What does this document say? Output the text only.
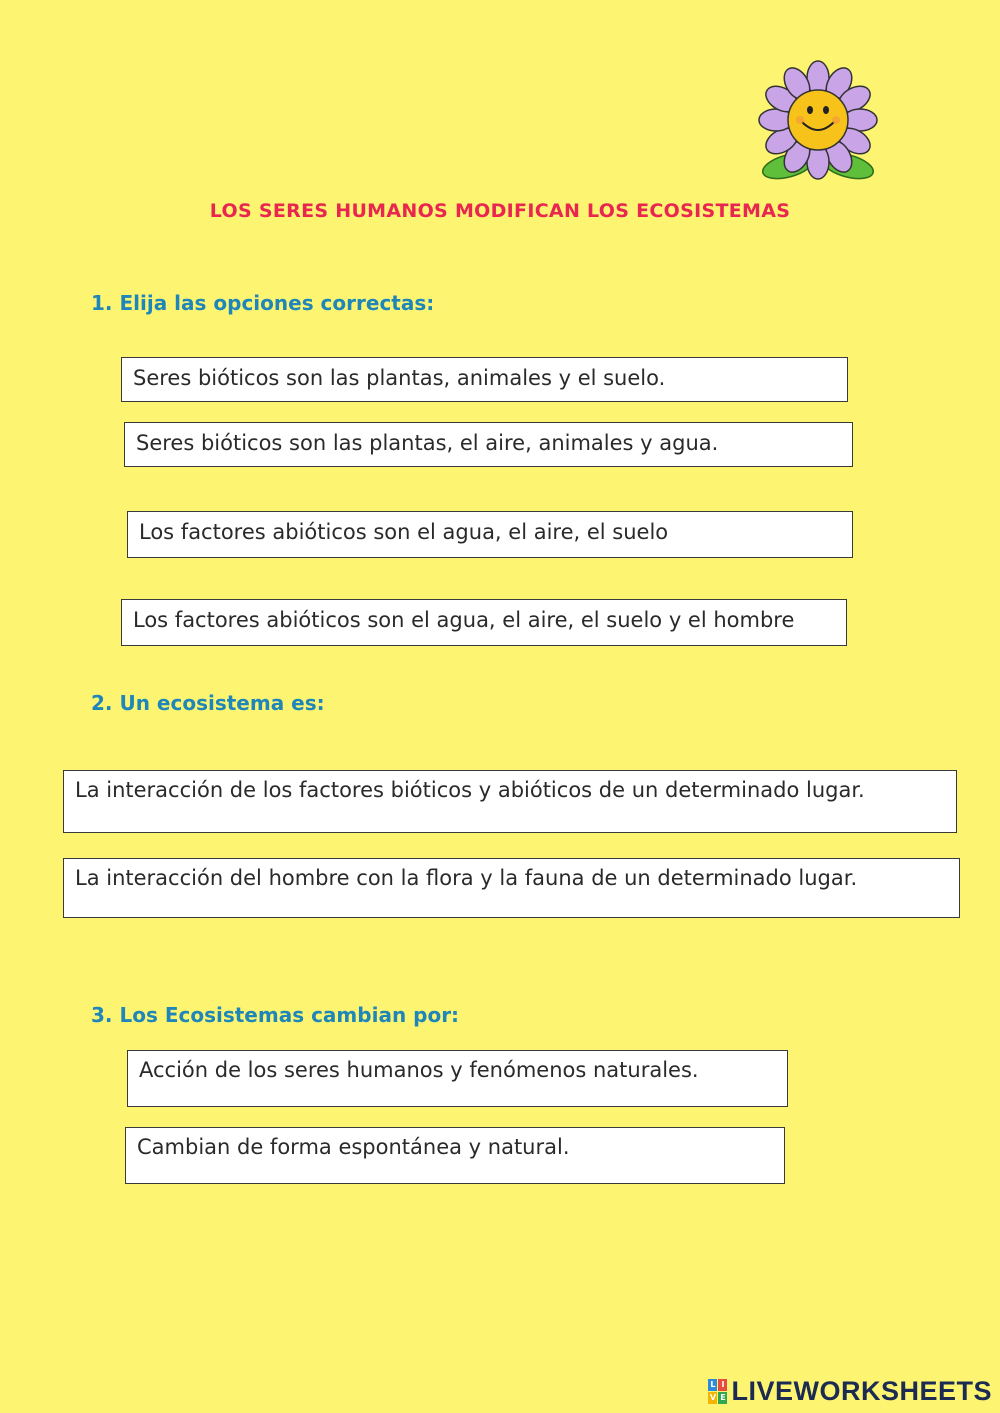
LOS SERES HUMANOS MODIFICAN LOS ECOSISTEMAS
1. Elija las opciones correctas:
Seres bióticos son las plantas, animales y el suelo.
Seres bióticos son las plantas, el aire, animales y agua.
Los factores abióticos son el agua, el aire, el suelo
Los factores abióticos son el agua, el aire, el suelo y el hombre
2. Un ecosistema es:
La interacción de los factores bióticos y abióticos de un determinado lugar.
La interacción del hombre con la flora y la fauna de un determinado lugar.
3. Los Ecosistemas cambian por:
Acción de los seres humanos y fenómenos naturales.
Cambian de forma espontánea y natural.
L I
V E LIVEWORKSHEETS
